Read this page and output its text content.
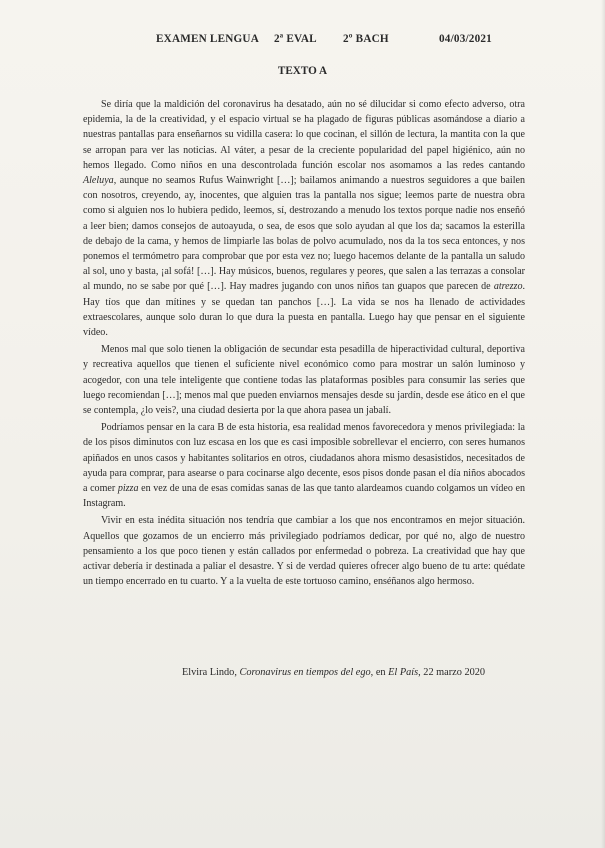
EXAMEN LENGUA 2ª EVAL 2º BACH	04/03/2021
TEXTO A

Se diría que la maldición del coronavirus ha desatado, aún no sé dilucidar si como efecto adverso, otra epidemia, la de la creatividad, y el espacio virtual se ha plagado de figuras públicas asomándose a diario a nuestras pantallas para enseñarnos su vidilla casera: lo que cocinan, el sillón de lectura, la mantita con la que se arropan para ver las noticias. Al váter, a pesar de la creciente popularidad del papel higiénico, aún no hemos llegado. Como niños en una descontrolada función escolar nos asomamos a las redes cantando Aleluya, aunque no seamos Rufus Wainwright […]; bailamos animando a nuestros seguidores a que bailen con nosotros, creyendo, ay, inocentes, que alguien tras la pantalla nos sigue; leemos parte de nuestra obra como si alguien nos lo hubiera pedido, leemos, sí, destrozando a menudo los textos porque nadie nos enseñó a leer bien; damos consejos de autoayuda, o sea, de esos que solo ayudan al que los da; sacamos la esterilla de debajo de la cama, y hemos de limpiarle las bolas de polvo acumulado, nos da la tos seca entonces, y nos ponemos el termómetro para comprobar que por esta vez no; luego hacemos delante de la pantalla un saludo al sol, uno y basta, ¡al sofá! […]. Hay músicos, buenos, regulares y peores, que salen a las terrazas a consolar al mundo, no se sabe por qué […]. Hay madres jugando con unos niños tan guapos que parecen de atrezzo. Hay tíos que dan mítines y se quedan tan panchos […]. La vida se nos ha llenado de actividades extraescolares, aunque solo duran lo que dura la puesta en pantalla. Luego hay que pensar en el siguiente vídeo.

Menos mal que solo tienen la obligación de secundar esta pesadilla de hiperactividad cultural, deportiva y recreativa aquellos que tienen el suficiente nivel económico como para mostrar un salón luminoso y acogedor, con una tele inteligente que contiene todas las plataformas posibles para consumir las series que luego recomiendan […]; menos mal que pueden enviarnos mensajes desde su jardín, desde ese ático en el que se contempla, ¿lo veis?, una ciudad desierta por la que ahora pasea un jabalí.

Podríamos pensar en la cara B de esta historia, esa realidad menos favorecedora y menos privilegiada: la de los pisos diminutos con luz escasa en los que es casi imposible sobrellevar el encierro, con seres humanos apiñados en unos casos y habitantes solitarios en otros, ciudadanos ahora mismo desasistidos, necesitados de ayuda para comprar, para asearse o para cocinarse algo decente, esos pisos donde pasan el día niños abocados a comer pizza en vez de una de esas comidas sanas de las que tanto alardeamos cuando colgamos un vídeo en Instagram.

Vivir en esta inédita situación nos tendría que cambiar a los que nos encontramos en mejor situación. Aquellos que gozamos de un encierro más privilegiado podríamos dedicar, por qué no, algo de nuestro pensamiento a los que poco tienen y están callados por enfermedad o pobreza. La creatividad que hay que activar debería ir destinada a paliar el desastre. Y si de verdad quieres ofrecer algo bueno de tu arte: quédate un tiempo encerrado en tu cuarto. Y a la vuelta de este tortuoso camino, enséñanos algo hermoso.

Elvira Lindo, Coronavirus en tiempos del ego, en El País, 22 marzo 2020
